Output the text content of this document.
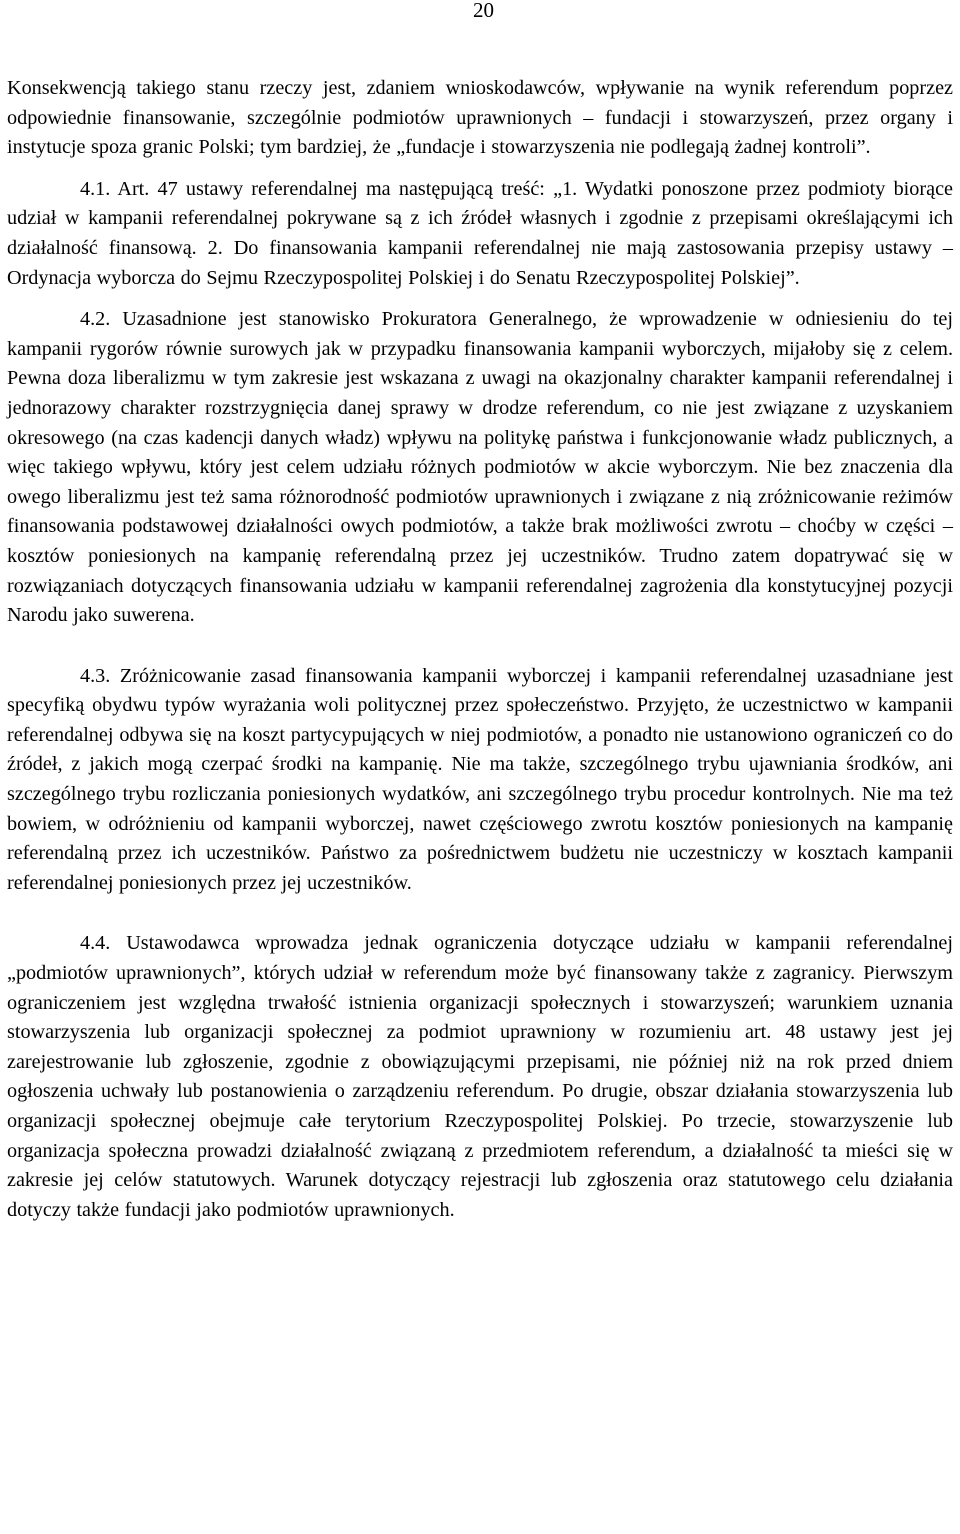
20

Konsekwencją takiego stanu rzeczy jest, zdaniem wnioskodawców, wpływanie na wynik referendum poprzez odpowiednie finansowanie, szczególnie podmiotów uprawnionych – fundacji i stowarzyszeń, przez organy i instytucje spoza granic Polski; tym bardziej, że „fundacje i stowarzyszenia nie podlegają żadnej kontroli”.

4.1. Art. 47 ustawy referendalnej ma następującą treść: „1. Wydatki ponoszone przez podmioty biorące udział w kampanii referendalnej pokrywane są z ich źródeł własnych i zgodnie z przepisami określającymi ich działalność finansową. 2. Do finansowania kampanii referendalnej nie mają zastosowania przepisy ustawy – Ordynacja wyborcza do Sejmu Rzeczypospolitej Polskiej i do Senatu Rzeczypospolitej Polskiej”.

4.2. Uzasadnione jest stanowisko Prokuratora Generalnego, że wprowadzenie w odniesieniu do tej kampanii rygorów równie surowych jak w przypadku finansowania kampanii wyborczych, mijałoby się z celem. Pewna doza liberalizmu w tym zakresie jest wskazana z uwagi na okazjonalny charakter kampanii referendalnej i jednorazowy charakter rozstrzygnięcia danej sprawy w drodze referendum, co nie jest związane z uzyskaniem okresowego (na czas kadencji danych władz) wpływu na politykę państwa i funkcjonowanie władz publicznych, a więc takiego wpływu, który jest celem udziału różnych podmiotów w akcie wyborczym. Nie bez znaczenia dla owego liberalizmu jest też sama różnorodność podmiotów uprawnionych i związane z nią zróżnicowanie reżimów finansowania podstawowej działalności owych podmiotów, a także brak możliwości zwrotu – choćby w części – kosztów poniesionych na kampanię referendalną przez jej uczestników. Trudno zatem dopatrywać się w rozwiązaniach dotyczących finansowania udziału w kampanii referendalnej zagrożenia dla konstytucyjnej pozycji Narodu jako suwerena.

4.3. Zróżnicowanie zasad finansowania kampanii wyborczej i kampanii referendalnej uzasadniane jest specyfiką obydwu typów wyrażania woli politycznej przez społeczeństwo. Przyjęto, że uczestnictwo w kampanii referendalnej odbywa się na koszt partycypujących w niej podmiotów, a ponadto nie ustanowiono ograniczeń co do źródeł, z jakich mogą czerpać środki na kampanię. Nie ma także, szczególnego trybu ujawniania środków, ani szczególnego trybu rozliczania poniesionych wydatków, ani szczególnego trybu procedur kontrolnych. Nie ma też bowiem, w odróżnieniu od kampanii wyborczej, nawet częściowego zwrotu kosztów poniesionych na kampanię referendalną przez ich uczestników. Państwo za pośrednictwem budżetu nie uczestniczy w kosztach kampanii referendalnej poniesionych przez jej uczestników.

4.4. Ustawodawca wprowadza jednak ograniczenia dotyczące udziału w kampanii referendalnej „podmiotów uprawnionych”, których udział w referendum może być finansowany także z zagranicy. Pierwszym ograniczeniem jest względna trwałość istnienia organizacji społecznych i stowarzyszeń; warunkiem uznania stowarzyszenia lub organizacji społecznej za podmiot uprawniony w rozumieniu art. 48 ustawy jest jej zarejestrowanie lub zgłoszenie, zgodnie z obowiązującymi przepisami, nie później niż na rok przed dniem ogłoszenia uchwały lub postanowienia o zarządzeniu referendum. Po drugie, obszar działania stowarzyszenia lub organizacji społecznej obejmuje całe terytorium Rzeczypospolitej Polskiej. Po trzecie, stowarzyszenie lub organizacja społeczna prowadzi działalność związaną z przedmiotem referendum, a działalność ta mieści się w zakresie jej celów statutowych. Warunek dotyczący rejestracji lub zgłoszenia oraz statutowego celu działania dotyczy także fundacji jako podmiotów uprawnionych.
